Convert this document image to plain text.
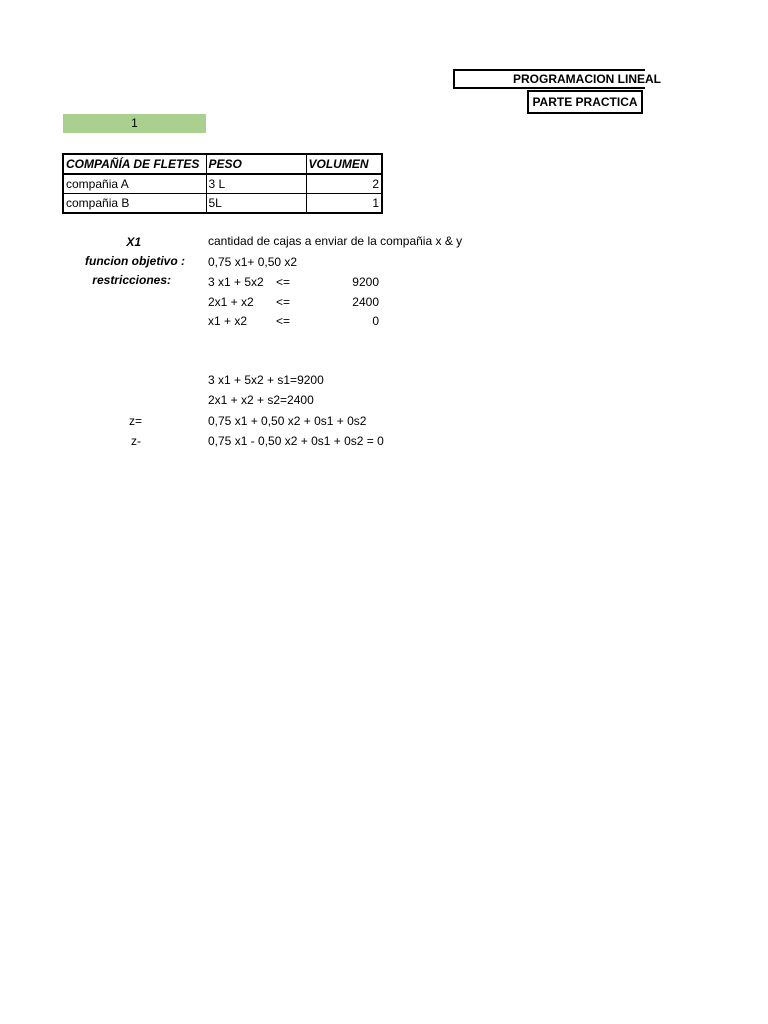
PROGRAMACION LINEAL
PARTE PRACTICA
1
COMPAÑÍA DE FLETES	PESO	VOLUMEN
compañia A	3 L	2
compañia B	5L	1
X1	cantidad de cajas a enviar de la compañia x & y
funcion objetivo : 0,75 x1+ 0,50 x2
restricciones:	3 x1 + 5x2 <=	9200
2x1 + x2 <=	2400
x1 + x2 <=	0
3 x1 + 5x2 + s1=9200
2x1 + x2 + s2=2400
z=	0,75 x1 + 0,50 x2 + 0s1 + 0s2
z-	0,75 x1 - 0,50 x2 + 0s1 + 0s2 = 0
